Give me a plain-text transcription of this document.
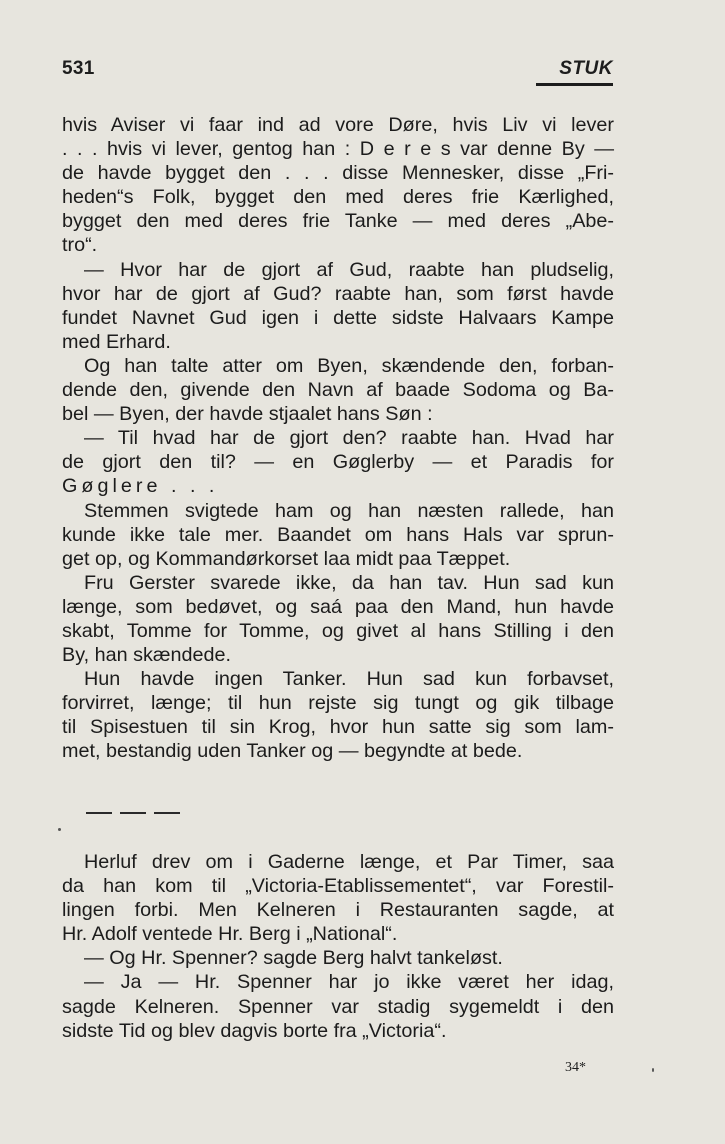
531	STUK
hvis Aviser vi faar ind ad vore Døre, hvis Liv vi lever
. . . hvis vi lever, gentog han : D e r e s var denne By —
de havde bygget den . . . disse Mennesker, disse „Fri-
heden“s Folk, bygget den med deres frie Kærlighed,
bygget den med deres frie Tanke — med deres „Abe-
tro“.
— Hvor har de gjort af Gud, raabte han pludselig,
hvor har de gjort af Gud? raabte han, som først havde
fundet Navnet Gud igen i dette sidste Halvaars Kampe
med Erhard.
Og han talte atter om Byen, skændende den, forban-
dende den, givende den Navn af baade Sodoma og Ba-
bel — Byen, der havde stjaalet hans Søn :
— Til hvad har de gjort den? raabte han. Hvad har
de gjort den til? — en Gøglerby — et Paradis for
Gøglere . . .
Stemmen svigtede ham og han næsten rallede, han
kunde ikke tale mer. Baandet om hans Hals var sprun-
get op, og Kommandørkorset laa midt paa Tæppet.
Fru Gerster svarede ikke, da han tav. Hun sad kun
længe, som bedøvet, og saá paa den Mand, hun havde
skabt, Tomme for Tomme, og givet al hans Stilling i den
By, han skændede.
Hun havde ingen Tanker. Hun sad kun forbavset,
forvirret, længe; til hun rejste sig tungt og gik tilbage
til Spisestuen til sin Krog, hvor hun satte sig som lam-
met, bestandig uden Tanker og — begyndte at bede.
Herluf drev om i Gaderne længe, et Par Timer, saa
da han kom til „Victoria-Etablissementet“, var Forestil-
lingen forbi. Men Kelneren i Restauranten sagde, at
Hr. Adolf ventede Hr. Berg i „National“.
— Og Hr. Spenner? sagde Berg halvt tankeløst.
— Ja — Hr. Spenner har jo ikke været her idag,
sagde Kelneren. Spenner var stadig sygemeldt i den
sidste Tid og blev dagvis borte fra „Victoria“.
34*
